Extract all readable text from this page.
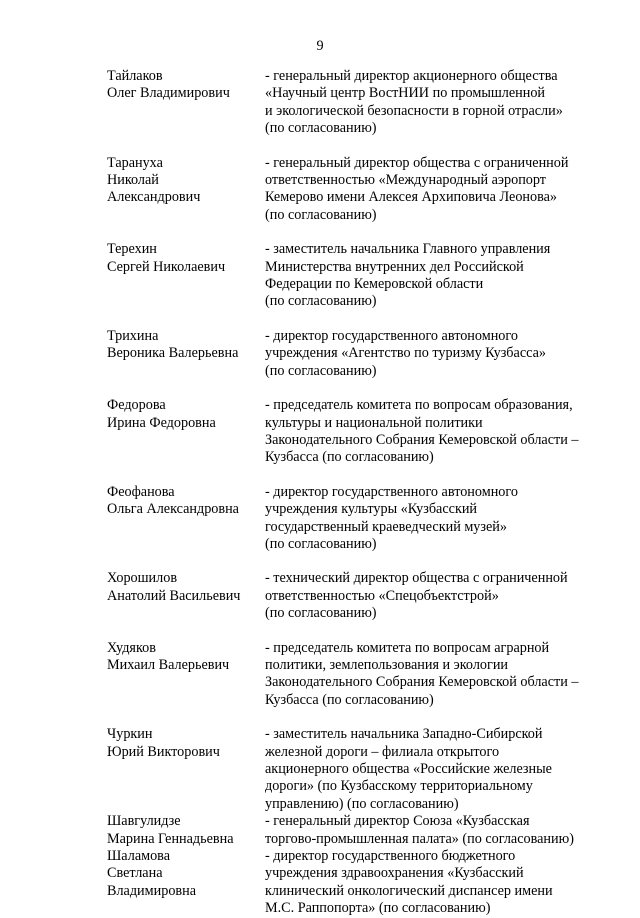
9
Тайлаков
Олег Владимирович
- генеральный директор акционерного общества
«Научный центр ВостНИИ по промышленной
и экологической безопасности в горной отрасли»
(по согласованию)
Тарануха
Николай
Александрович
- генеральный директор общества с ограниченной
ответственностью «Международный аэропорт
Кемерово имени Алексея Архиповича Леонова»
(по согласованию)
Терехин
Сергей Николаевич
- заместитель начальника Главного управления
Министерства внутренних дел Российской
Федерации по Кемеровской области
(по согласованию)
Трихина
Вероника Валерьевна
- директор государственного автономного
учреждения «Агентство по туризму Кузбасса»
(по согласованию)
Федорова
Ирина Федоровна
- председатель комитета по вопросам образования,
культуры и национальной политики
Законодательного Собрания Кемеровской области –
Кузбасса (по согласованию)
Феофанова
Ольга Александровна
- директор государственного автономного
учреждения культуры «Кузбасский
государственный краеведческий музей»
(по согласованию)
Хорошилов
Анатолий Васильевич
- технический директор общества с ограниченной
ответственностью «Спецобъектстрой»
(по согласованию)
Худяков
Михаил Валерьевич
- председатель комитета по вопросам аграрной
политики, землепользования и экологии
Законодательного Собрания Кемеровской области –
Кузбасса (по согласованию)
Чуркин
Юрий Викторович
- заместитель начальника Западно-Сибирской
железной дороги – филиала открытого
акционерного общества «Российские железные
дороги» (по Кузбасскому территориальному
управлению) (по согласованию)
Шавгулидзе
Марина Геннадьевна
- генеральный директор Союза «Кузбасская
торгово-промышленная палата» (по согласованию)
Шаламова
Светлана
Владимировна
- директор государственного бюджетного
учреждения здравоохранения «Кузбасский
клинический онкологический диспансер имени
М.С. Раппопорта» (по согласованию)
